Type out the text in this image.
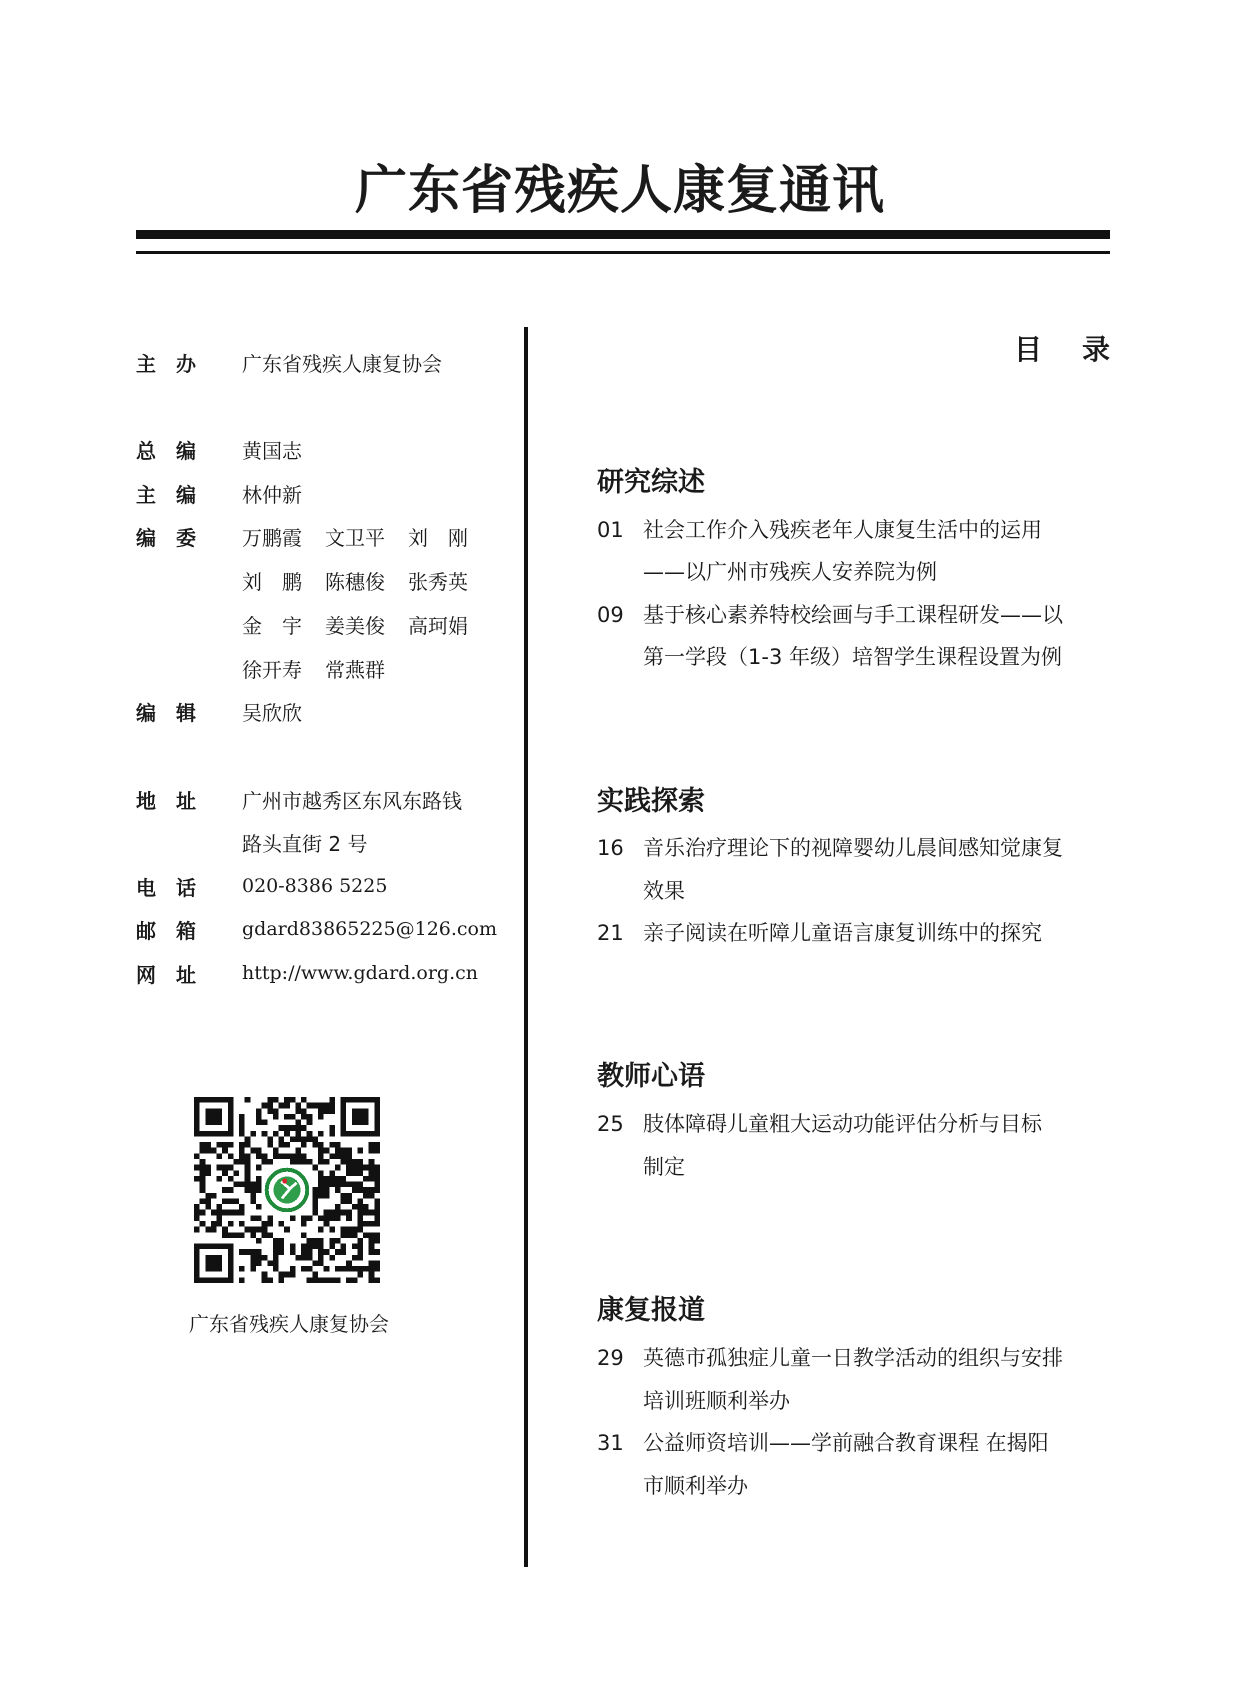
广东省残疾人康复通讯
主办	广东省残疾人康复协会
总编	黄国志
主编	林仲新
编委	万鹏霞	文卫平	刘　刚
刘　鹏	陈穗俊	张秀英
金　宇	姜美俊	高珂娟
徐开寿	常燕群
编辑	吴欣欣
地址	广州市越秀区东风东路钱
路头直街 2 号
电话	020-8386 5225
邮箱	gdard83865225@126.com
网址	http://www.gdard.org.cn
广东省残疾人康复协会
目录
研究综述
01 社会工作介入残疾老年人康复生活中的运用
——以广州市残疾人安养院为例
09 基于核心素养特校绘画与手工课程研发——以
第一学段（1-3 年级）培智学生课程设置为例
实践探索
16 音乐治疗理论下的视障婴幼儿晨间感知觉康复
效果
21 亲子阅读在听障儿童语言康复训练中的探究
教师心语
25 肢体障碍儿童粗大运动功能评估分析与目标
制定
康复报道
29 英德市孤独症儿童一日教学活动的组织与安排
培训班顺利举办
31 公益师资培训——学前融合教育课程 在揭阳
市顺利举办
